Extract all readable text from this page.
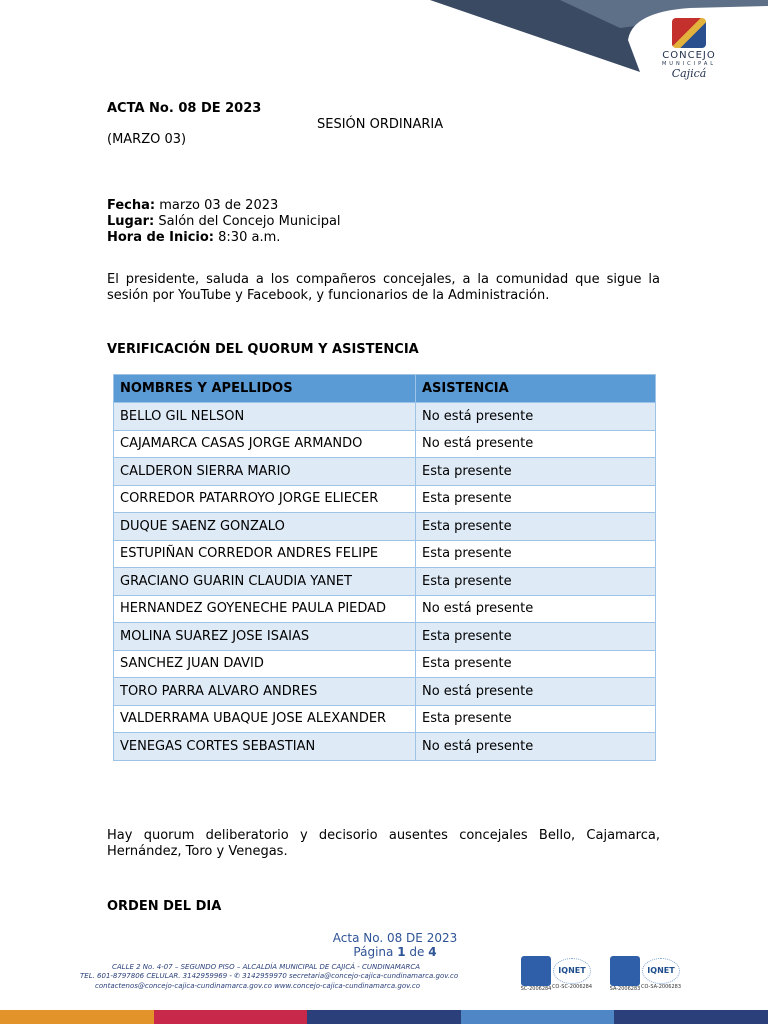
CONCEJO
MUNICIPAL
Cajicá
ACTA No. 08 DE 2023
SESIÓN ORDINARIA
(MARZO 03)
Fecha: marzo 03 de 2023
Lugar: Salón del Concejo Municipal
Hora de Inicio: 8:30 a.m.
El presidente, saluda a los compañeros concejales, a la comunidad que sigue la sesión por YouTube y Facebook, y funcionarios de la Administración.
VERIFICACIÓN DEL QUORUM Y ASISTENCIA
NOMBRES Y APELLIDOS	ASISTENCIA
BELLO GIL NELSON	No está presente
CAJAMARCA CASAS JORGE ARMANDO	No está presente
CALDERON SIERRA MARIO	Esta presente
CORREDOR PATARROYO JORGE ELIECER	Esta presente
DUQUE SAENZ GONZALO	Esta presente
ESTUPIÑAN CORREDOR ANDRES FELIPE	Esta presente
GRACIANO GUARIN CLAUDIA YANET	Esta presente
HERNANDEZ GOYENECHE PAULA PIEDAD	No está presente
MOLINA SUAREZ JOSE ISAIAS	Esta presente
SANCHEZ JUAN DAVID	Esta presente
TORO PARRA ALVARO ANDRES	No está presente
VALDERRAMA UBAQUE JOSE ALEXANDER	Esta presente
VENEGAS CORTES SEBASTIAN	No está presente
Hay quorum deliberatorio y decisorio ausentes concejales Bello, Cajamarca, Hernández, Toro y Venegas.
ORDEN DEL DIA
Acta No. 08 DE 2023
Página 1 de 4
CALLE 2 No. 4-07 – SEGUNDO PISO – ALCALDÍA MUNICIPAL DE CAJICÁ - CUNDINAMARCA
TEL. 601-8797806 CELULAR. 3142959969 - ✆ 3142959970 secretaria@concejo-cajica-cundinamarca.gov.co
contactenos@concejo-cajica-cundinamarca.gov.co www.concejo-cajica-cundinamarca.gov.co	SC-2006284
IQNET
CO-SC-2006284	SA-2006283
IQNET
CO-SA-2006283
